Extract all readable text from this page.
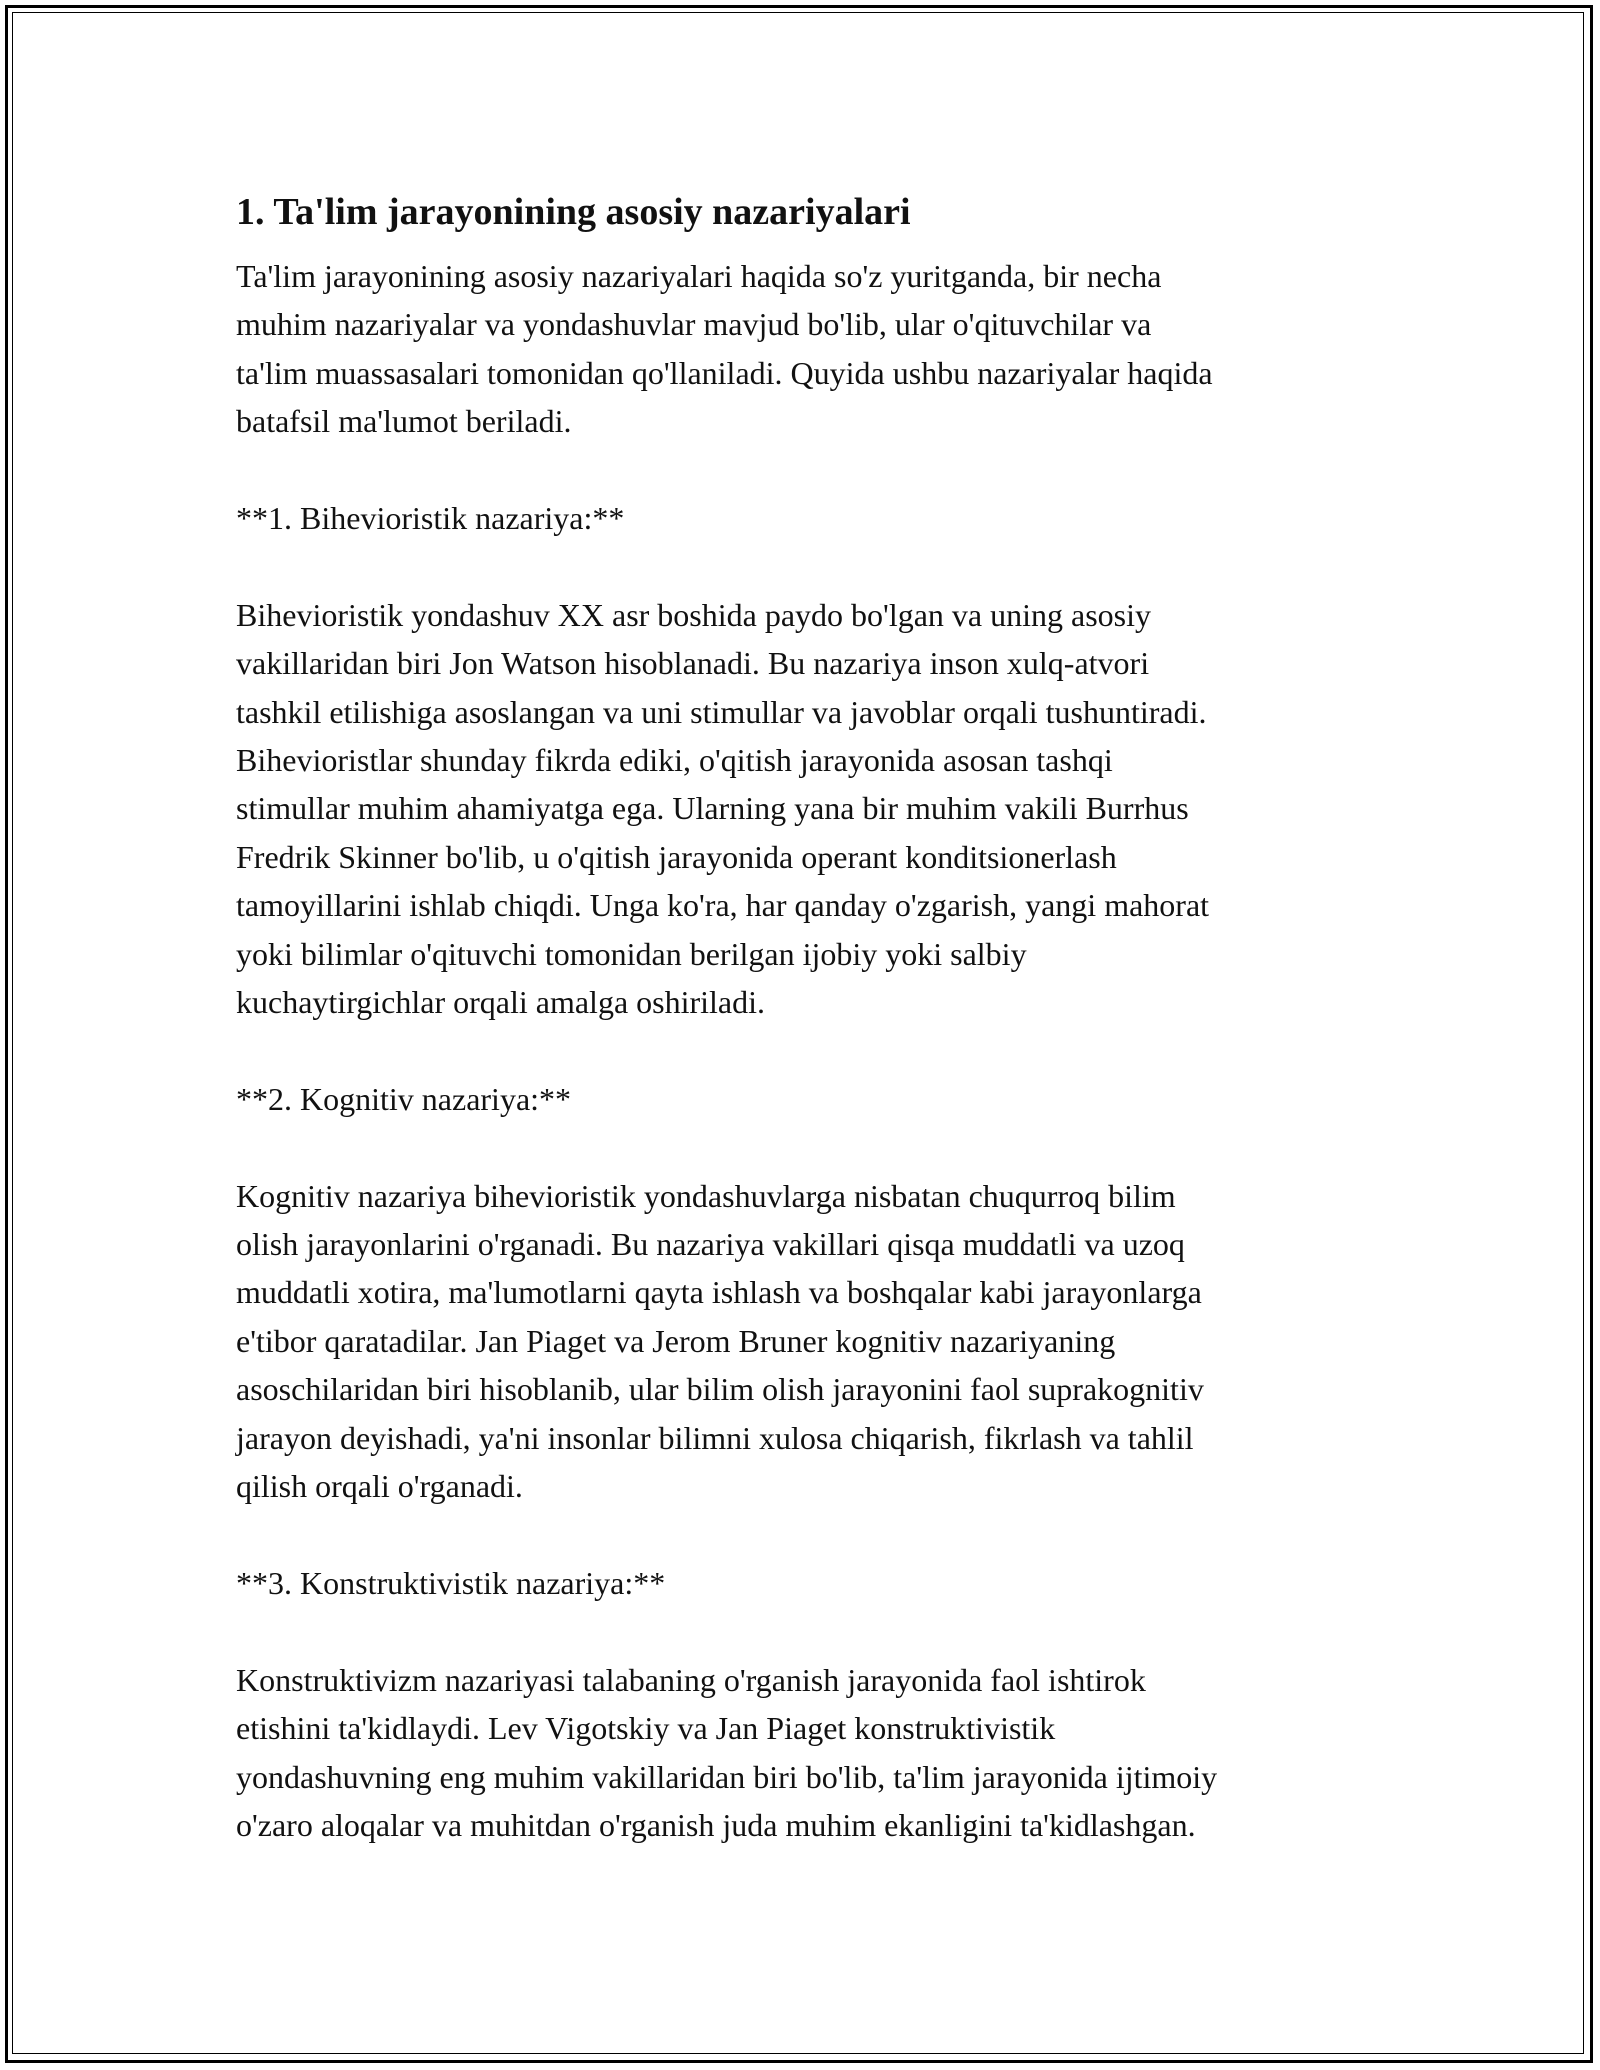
1. Ta'lim jarayonining asosiy nazariyalari

Ta'lim jarayonining asosiy nazariyalari haqida so'z yuritganda, bir necha
muhim nazariyalar va yondashuvlar mavjud bo'lib, ular o'qituvchilar va
ta'lim muassasalari tomonidan qo'llaniladi. Quyida ushbu nazariyalar haqida
batafsil ma'lumot beriladi.

**1. Bihevioristik nazariya:**

Bihevioristik yondashuv XX asr boshida paydo bo'lgan va uning asosiy
vakillaridan biri Jon Watson hisoblanadi. Bu nazariya inson xulq-atvori
tashkil etilishiga asoslangan va uni stimullar va javoblar orqali tushuntiradi.
Bihevioristlar shunday fikrda ediki, o'qitish jarayonida asosan tashqi
stimullar muhim ahamiyatga ega. Ularning yana bir muhim vakili Burrhus
Fredrik Skinner bo'lib, u o'qitish jarayonida operant konditsionerlash
tamoyillarini ishlab chiqdi. Unga ko'ra, har qanday o'zgarish, yangi mahorat
yoki bilimlar o'qituvchi tomonidan berilgan ijobiy yoki salbiy
kuchaytirgichlar orqali amalga oshiriladi.

**2. Kognitiv nazariya:**

Kognitiv nazariya bihevioristik yondashuvlarga nisbatan chuqurroq bilim
olish jarayonlarini o'rganadi. Bu nazariya vakillari qisqa muddatli va uzoq
muddatli xotira, ma'lumotlarni qayta ishlash va boshqalar kabi jarayonlarga
e'tibor qaratadilar. Jan Piaget va Jerom Bruner kognitiv nazariyaning
asoschilaridan biri hisoblanib, ular bilim olish jarayonini faol suprakognitiv
jarayon deyishadi, ya'ni insonlar bilimni xulosa chiqarish, fikrlash va tahlil
qilish orqali o'rganadi.

**3. Konstruktivistik nazariya:**

Konstruktivizm nazariyasi talabaning o'rganish jarayonida faol ishtirok
etishini ta'kidlaydi. Lev Vigotskiy va Jan Piaget konstruktivistik
yondashuvning eng muhim vakillaridan biri bo'lib, ta'lim jarayonida ijtimoiy
o'zaro aloqalar va muhitdan o'rganish juda muhim ekanligini ta'kidlashgan.
